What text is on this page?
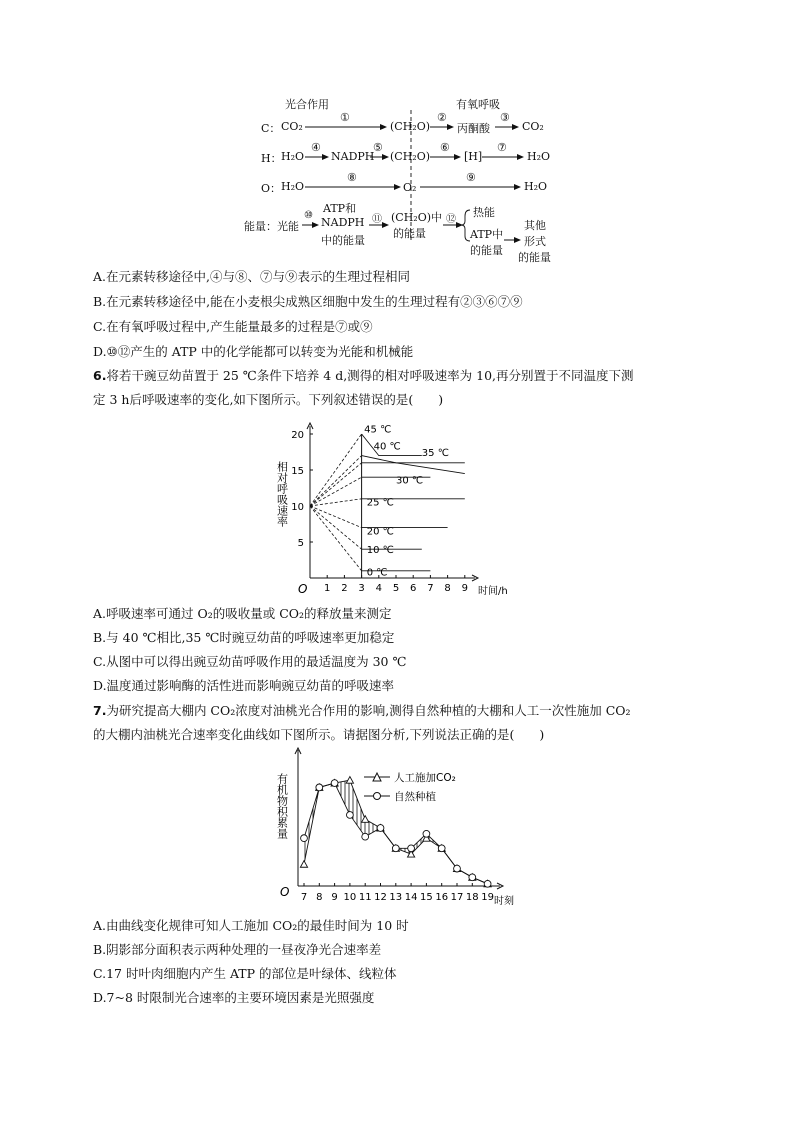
光合作用	有氧呼吸
C： CO₂
①
(CH₂O)
②
丙酮酸
③
CO₂
H： H₂O
④
NADPH
⑤
(CH₂O)
⑥
[H]
⑦
H₂O
O： H₂O
⑧
O₂
⑨
H₂O
能量：光能
⑩
ATP和
NADPH
中的能量
⑪ (CH₂O)中
的能量
⑫
热能
ATP中
的能量
其他
形式
的能量
A.在元素转移途径中,④与⑧、⑦与⑨表示的生理过程相同
B.在元素转移途径中,能在小麦根尖成熟区细胞中发生的生理过程有②③⑥⑦⑨
C.在有氧呼吸过程中,产生能量最多的过程是⑦或⑨
D.⑩⑫产生的 ATP 中的化学能都可以转变为光能和机械能
6.将若干豌豆幼苗置于 25 ℃条件下培养 4 d,测得的相对呼吸速率为 10,再分别置于不同温度下测
定 3 h后呼吸速率的变化,如下图所示。下列叙述错误的是(　　)
1 2 3 4 5 6 7 8 9
5
10
15
20
45 ℃
40 ℃
35 ℃
30 ℃
25 ℃
20 ℃
10 ℃
0 ℃
相对呼吸速率
时间/h
O
A.呼吸速率可通过 O₂的吸收量或 CO₂的释放量来测定
B.与 40 ℃相比,35 ℃时豌豆幼苗的呼吸速率更加稳定
C.从图中可以得出豌豆幼苗呼吸作用的最适温度为 30 ℃
D.温度通过影响酶的活性进而影响豌豆幼苗的呼吸速率
7.为研究提高大棚内 CO₂浓度对油桃光合作用的影响,测得自然种植的大棚和人工一次性施加 CO₂
的大棚内油桃光合速率变化曲线如下图所示。请据图分析,下列说法正确的是(　　)
7 8 9 10 11 12 13 14 15 16 17 18 19
人工施加CO₂
自然种植
有机物积累量
时刻
O
A.由曲线变化规律可知人工施加 CO₂的最佳时间为 10 时
B.阴影部分面积表示两种处理的一昼夜净光合速率差
C.17 时叶肉细胞内产生 ATP 的部位是叶绿体、线粒体
D.7~8 时限制光合速率的主要环境因素是光照强度
